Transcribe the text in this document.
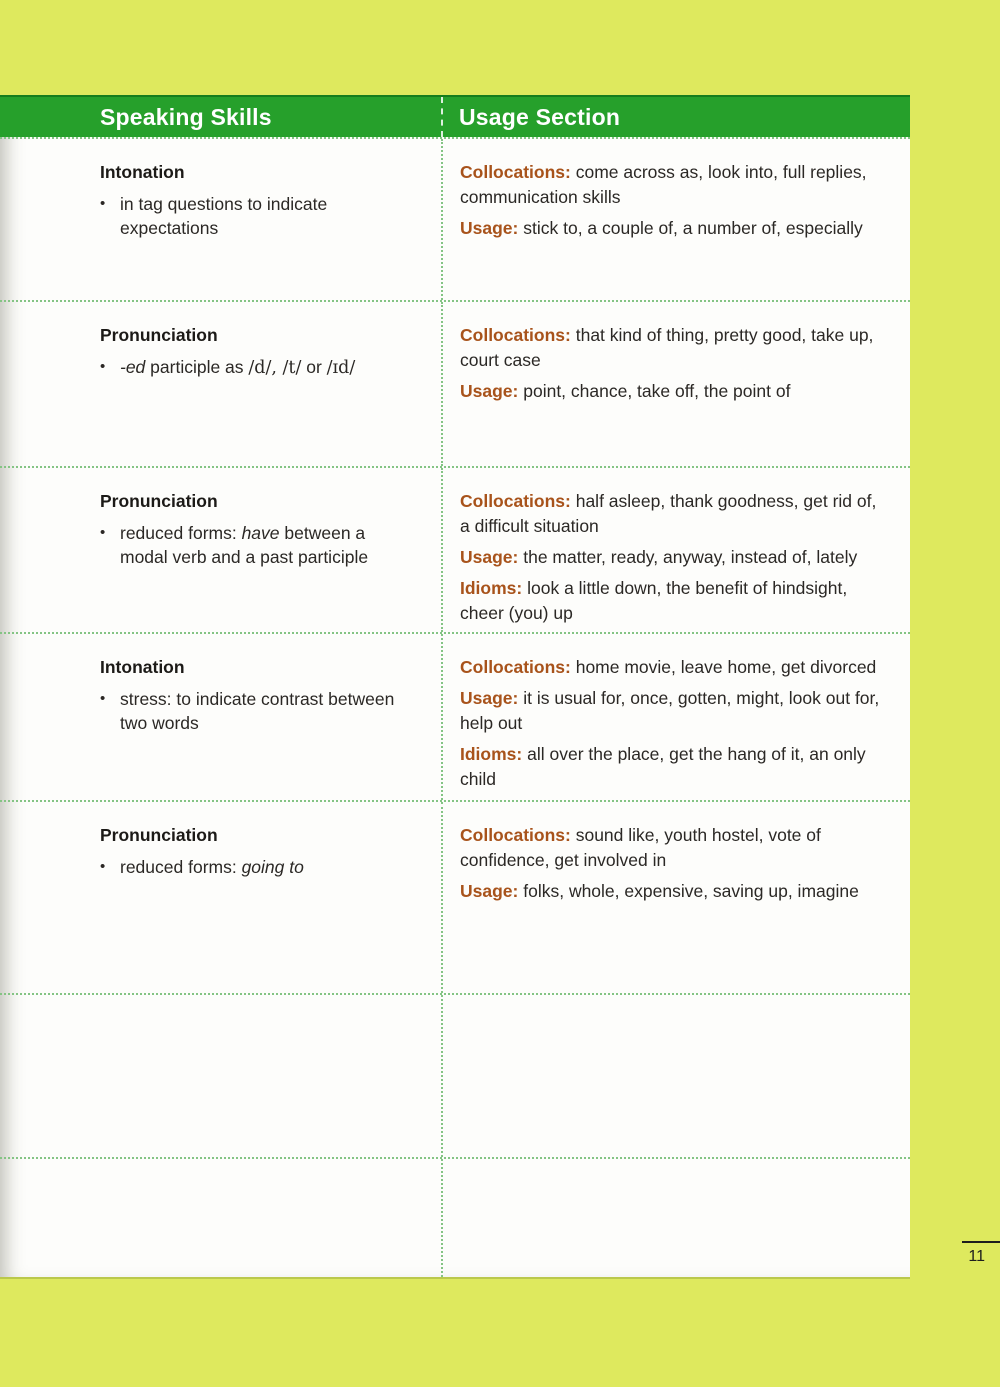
Speaking Skills	Usage Section
Intonation
• in tag questions to indicate expectations
Collocations: come across as, look into, full replies, communication skills
Usage: stick to, a couple of, a number of, especially
Pronunciation
• -ed participle as /d/, /t/ or /ɪd/
Collocations: that kind of thing, pretty good, take up, court case
Usage: point, chance, take off, the point of
Pronunciation
• reduced forms: have between a modal verb and a past participle
Collocations: half asleep, thank goodness, get rid of, a difficult situation
Usage: the matter, ready, anyway, instead of, lately
Idioms: look a little down, the benefit of hindsight, cheer (you) up
Intonation
• stress: to indicate contrast between two words
Collocations: home movie, leave home, get divorced
Usage: it is usual for, once, gotten, might, look out for, help out
Idioms: all over the place, get the hang of it, an only child
Pronunciation
• reduced forms: going to
Collocations: sound like, youth hostel, vote of confidence, get involved in
Usage: folks, whole, expensive, saving up, imagine
11
